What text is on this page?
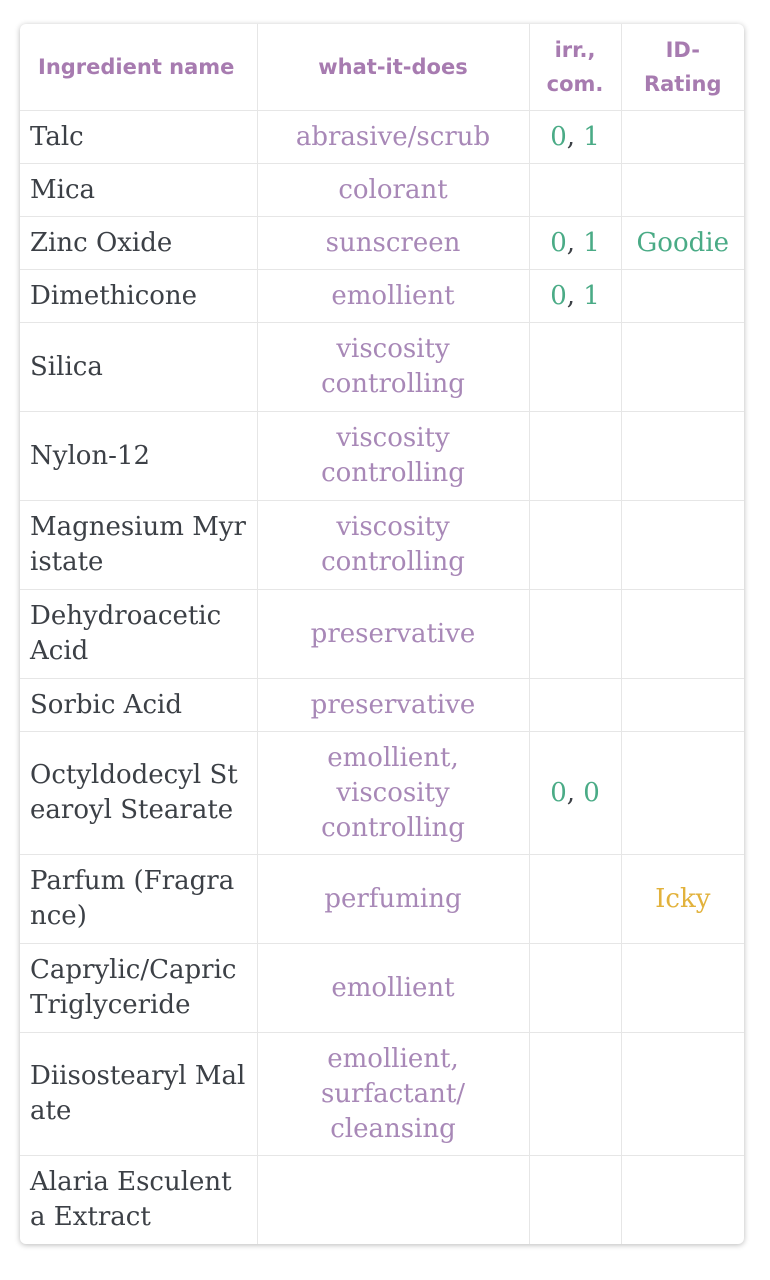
Ingredient name	what-it-does	irr., com.	ID-Rating
Talc	abrasive/scrub	0, 1	
Mica	colorant		
Zinc Oxide	sunscreen	0, 1	Goodie
Dimethicone	emollient	0, 1	
Silica	viscosity controlling		
Nylon-12	viscosity controlling		
Magnesium Myristate	viscosity controlling		
Dehydroacetic Acid	preservative		
Sorbic Acid	preservative		
Octyldodecyl Stearoyl Stearate	emollient, viscosity controlling	0, 0	
Parfum (Fragrance)	perfuming		Icky
Caprylic/Capric Triglyceride	emollient		
Diisostearyl Malate	emollient, surfactant/ cleansing		
Alaria Esculenta Extract			
